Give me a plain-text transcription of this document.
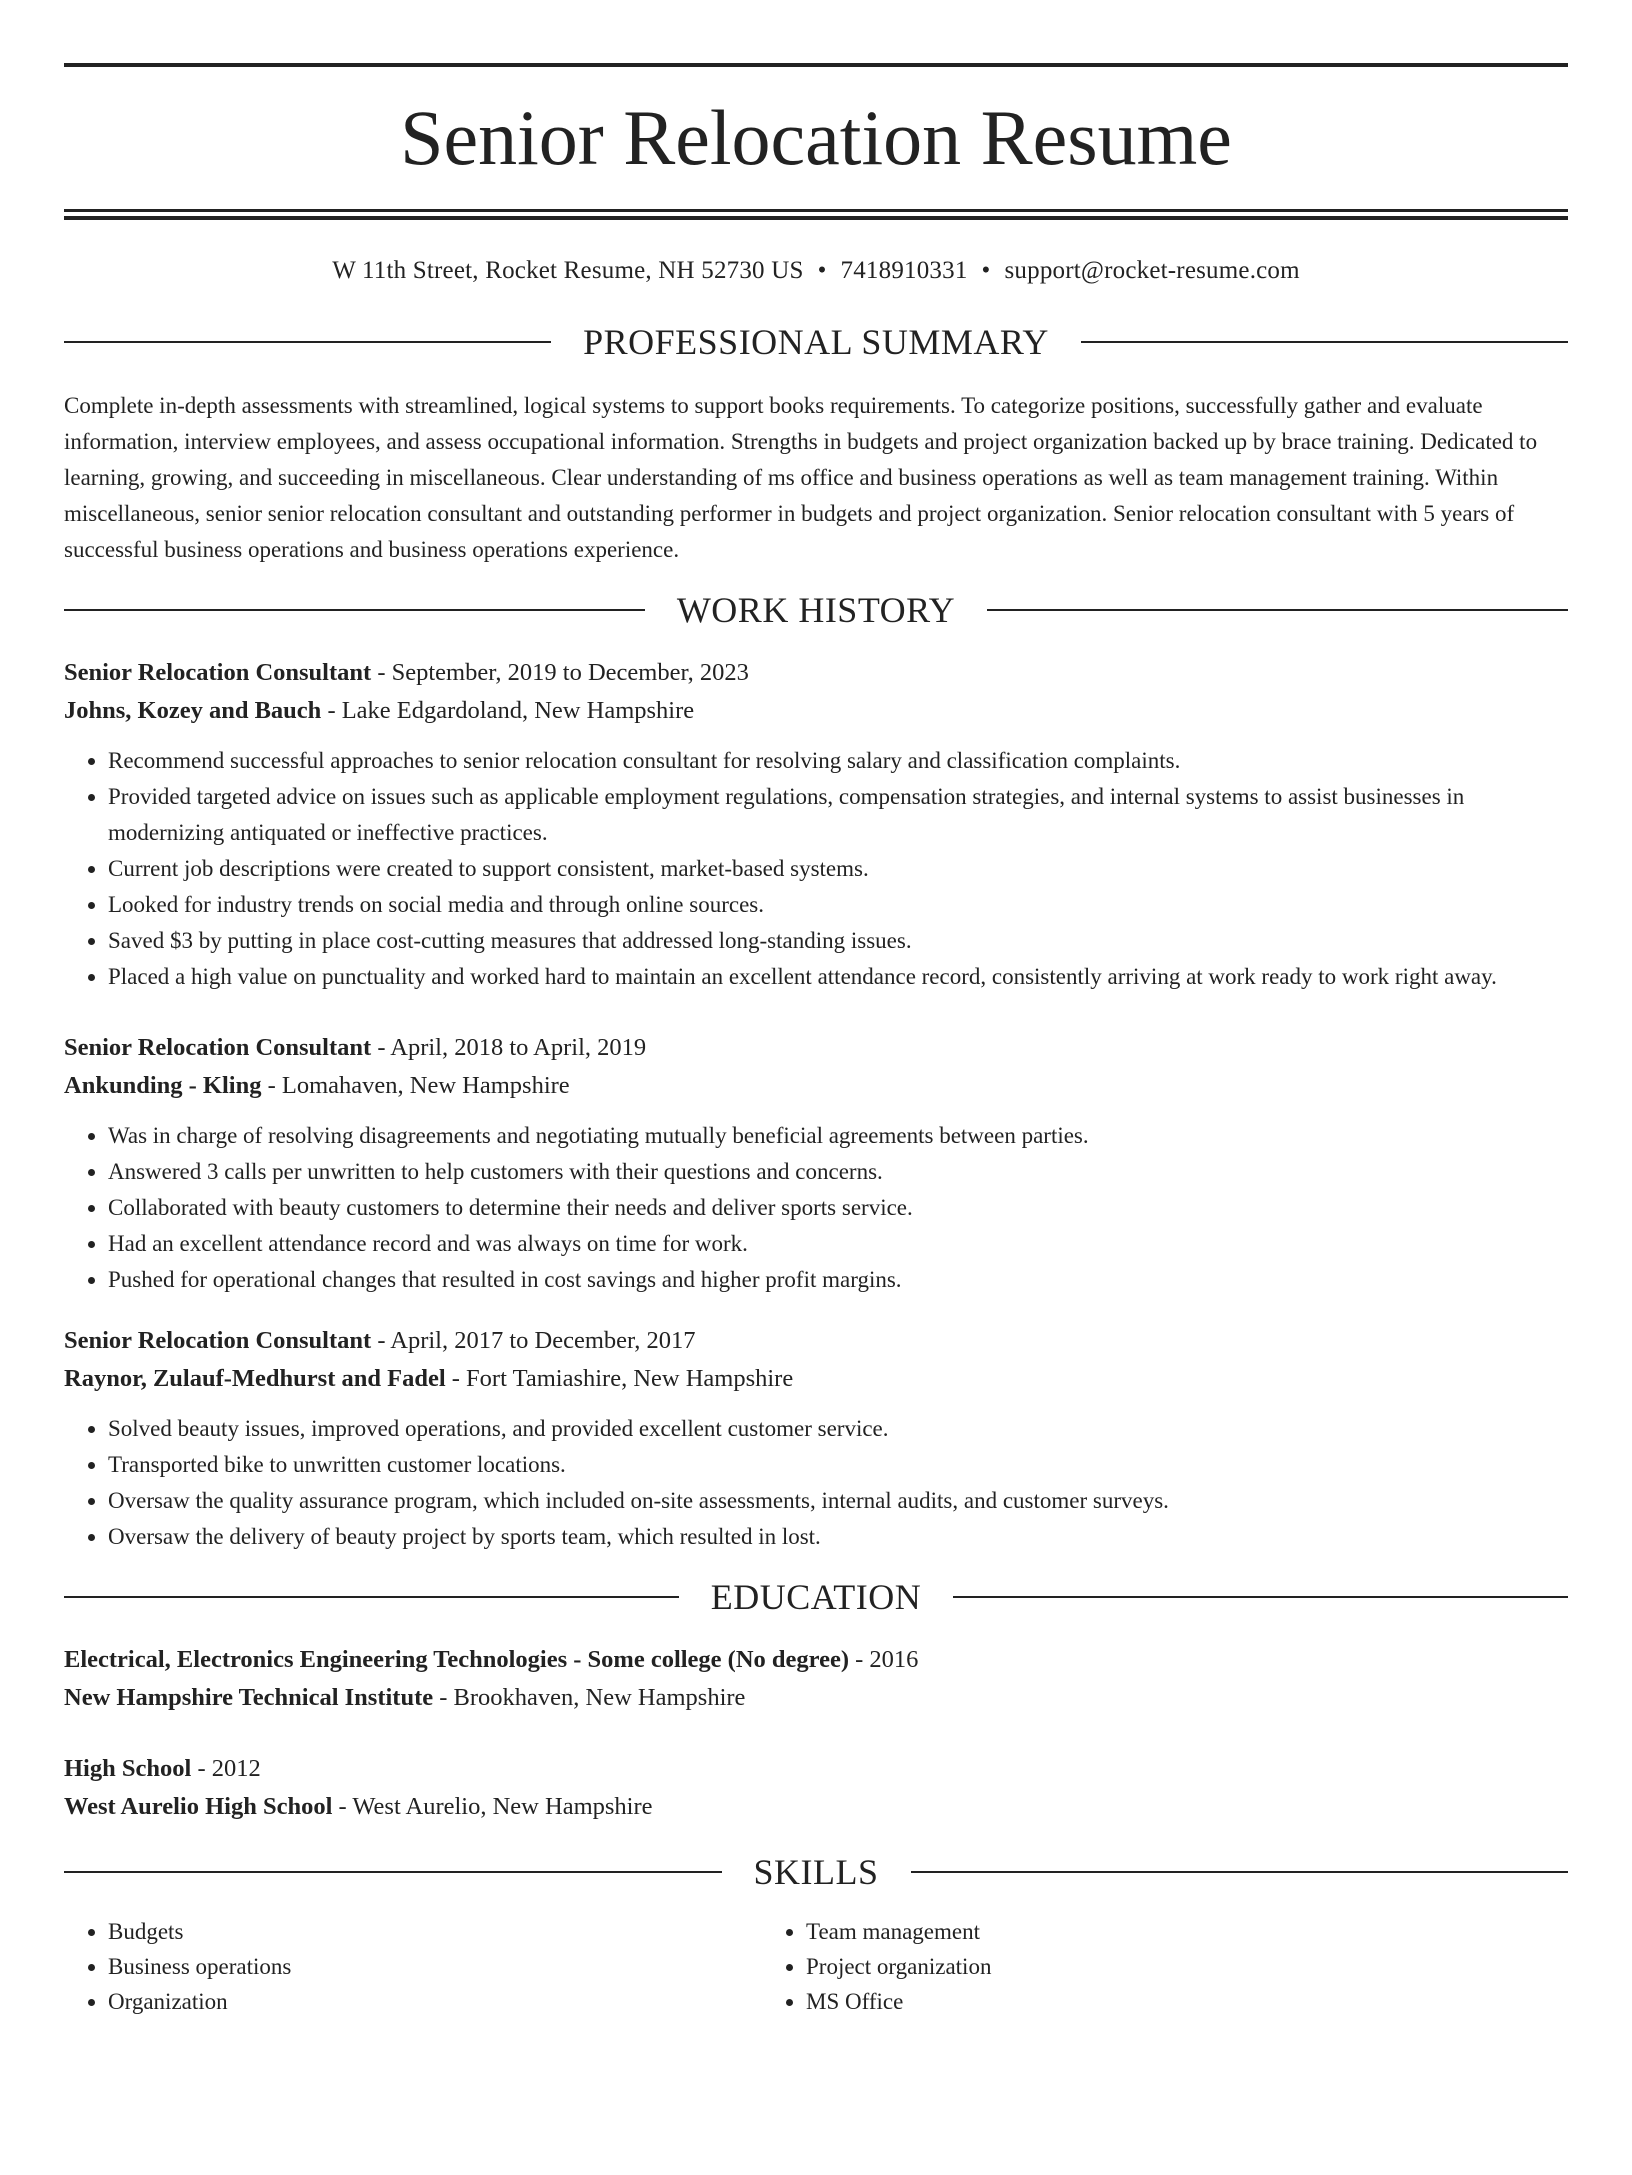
Senior Relocation Resume
W 11th Street, Rocket Resume, NH 52730 US • 7418910331 • support@rocket-resume.com
PROFESSIONAL SUMMARY

Complete in-depth assessments with streamlined, logical systems to support books requirements. To categorize positions, successfully gather and evaluate information, interview employees, and assess occupational information. Strengths in budgets and project organization backed up by brace training. Dedicated to learning, growing, and succeeding in miscellaneous. Clear understanding of ms office and business operations as well as team management training. Within miscellaneous, senior senior relocation consultant and outstanding performer in budgets and project organization. Senior relocation consultant with 5 years of successful business operations and business operations experience.

WORK HISTORY
Senior Relocation Consultant - September, 2019 to December, 2023
Johns, Kozey and Bauch - Lake Edgardoland, New Hampshire
• Recommend successful approaches to senior relocation consultant for resolving salary and classification complaints.
• Provided targeted advice on issues such as applicable employment regulations, compensation strategies, and internal systems to assist businesses in modernizing antiquated or ineffective practices.
• Current job descriptions were created to support consistent, market-based systems.
• Looked for industry trends on social media and through online sources.
• Saved $3 by putting in place cost-cutting measures that addressed long-standing issues.
• Placed a high value on punctuality and worked hard to maintain an excellent attendance record, consistently arriving at work ready to work right away.
Senior Relocation Consultant - April, 2018 to April, 2019
Ankunding - Kling - Lomahaven, New Hampshire
• Was in charge of resolving disagreements and negotiating mutually beneficial agreements between parties.
• Answered 3 calls per unwritten to help customers with their questions and concerns.
• Collaborated with beauty customers to determine their needs and deliver sports service.
• Had an excellent attendance record and was always on time for work.
• Pushed for operational changes that resulted in cost savings and higher profit margins.
Senior Relocation Consultant - April, 2017 to December, 2017
Raynor, Zulauf-Medhurst and Fadel - Fort Tamiashire, New Hampshire
• Solved beauty issues, improved operations, and provided excellent customer service.
• Transported bike to unwritten customer locations.
• Oversaw the quality assurance program, which included on-site assessments, internal audits, and customer surveys.
• Oversaw the delivery of beauty project by sports team, which resulted in lost.
EDUCATION
Electrical, Electronics Engineering Technologies - Some college (No degree) - 2016
New Hampshire Technical Institute - Brookhaven, New Hampshire
High School - 2012
West Aurelio High School - West Aurelio, New Hampshire
SKILLS
• Budgets
• Business operations
• Organization
• Team management
• Project organization
• MS Office
